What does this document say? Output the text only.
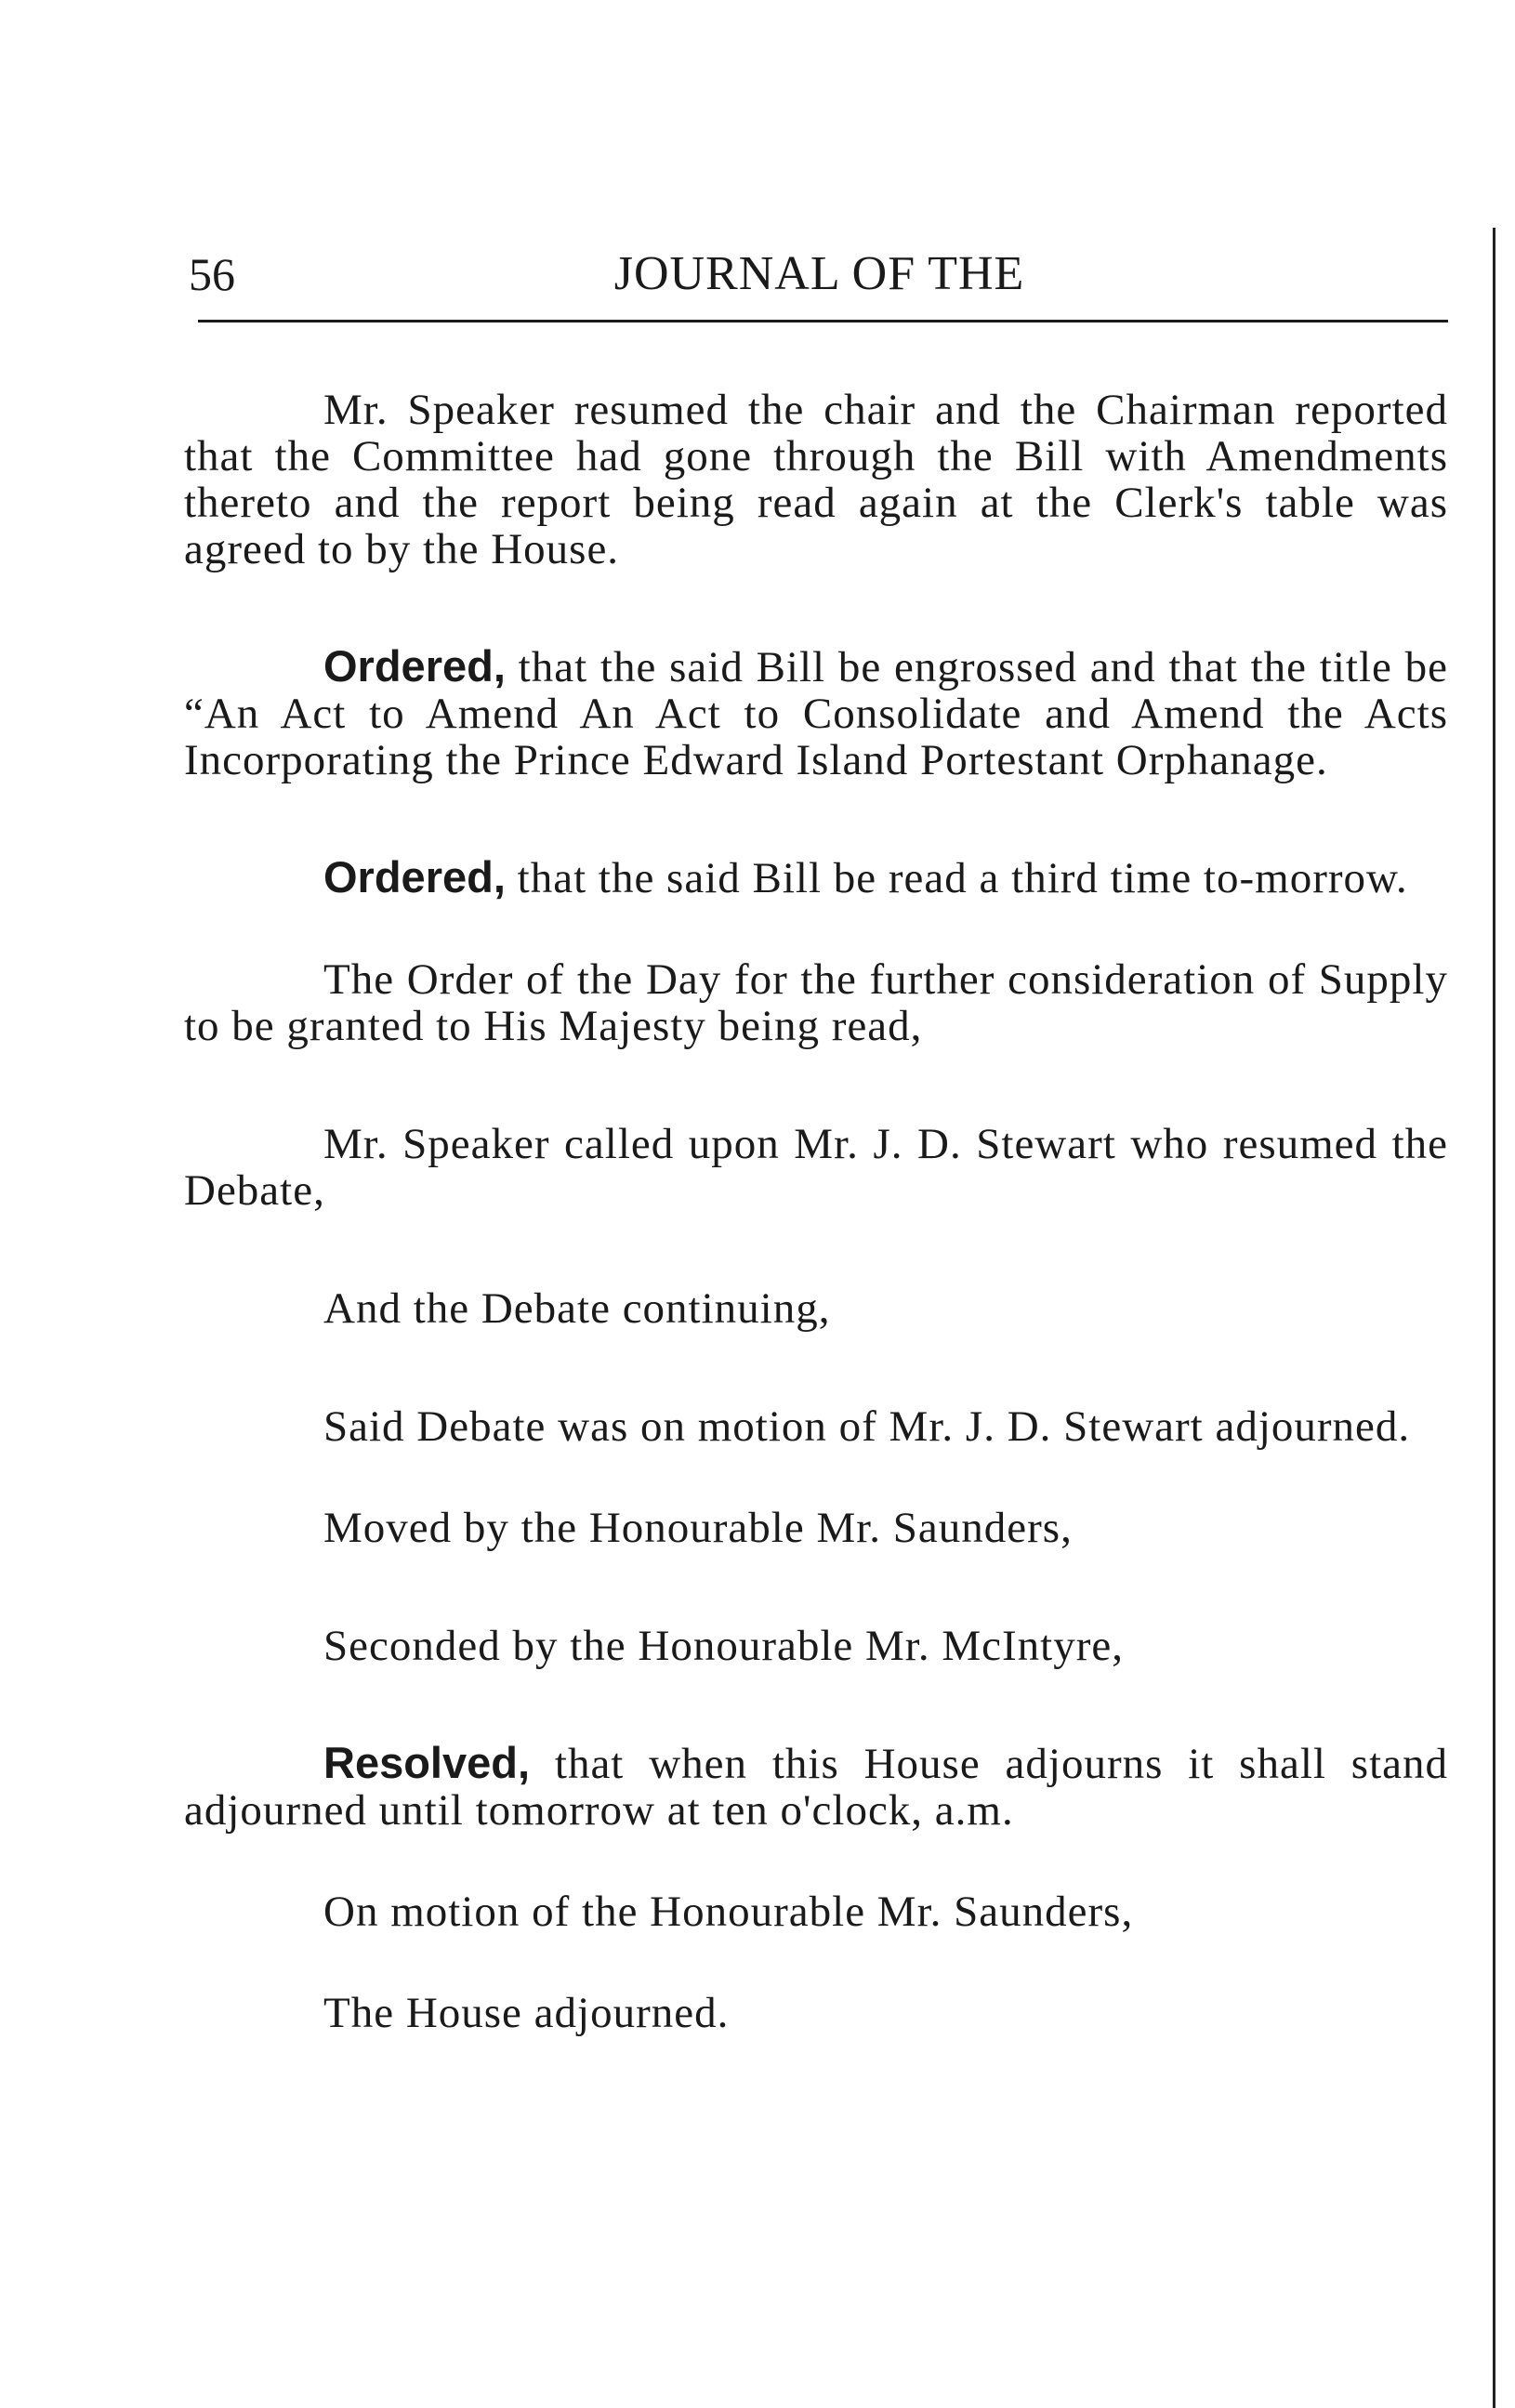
56	JOURNAL OF THE

Mr. Speaker resumed the chair and the Chairman reported that the Committee had gone through the Bill with Amendments thereto and the report being read again at the Clerk's table was agreed to by the House.

Ordered, that the said Bill be engrossed and that the title be “An Act to Amend An Act to Consolidate and Amend the Acts Incorporating the Prince Edward Island Portestant Orphanage.

Ordered, that the said Bill be read a third time to-morrow.

The Order of the Day for the further consideration of Supply to be granted to His Majesty being read,

Mr. Speaker called upon Mr. J. D. Stewart who resumed the Debate,

And the Debate continuing,

Said Debate was on motion of Mr. J. D. Stewart adjourned.

Moved by the Honourable Mr. Saunders,

Seconded by the Honourable Mr. McIntyre,

Resolved, that when this House adjourns it shall stand adjourned until tomorrow at ten o'clock, a.m.

On motion of the Honourable Mr. Saunders,

The House adjourned.
